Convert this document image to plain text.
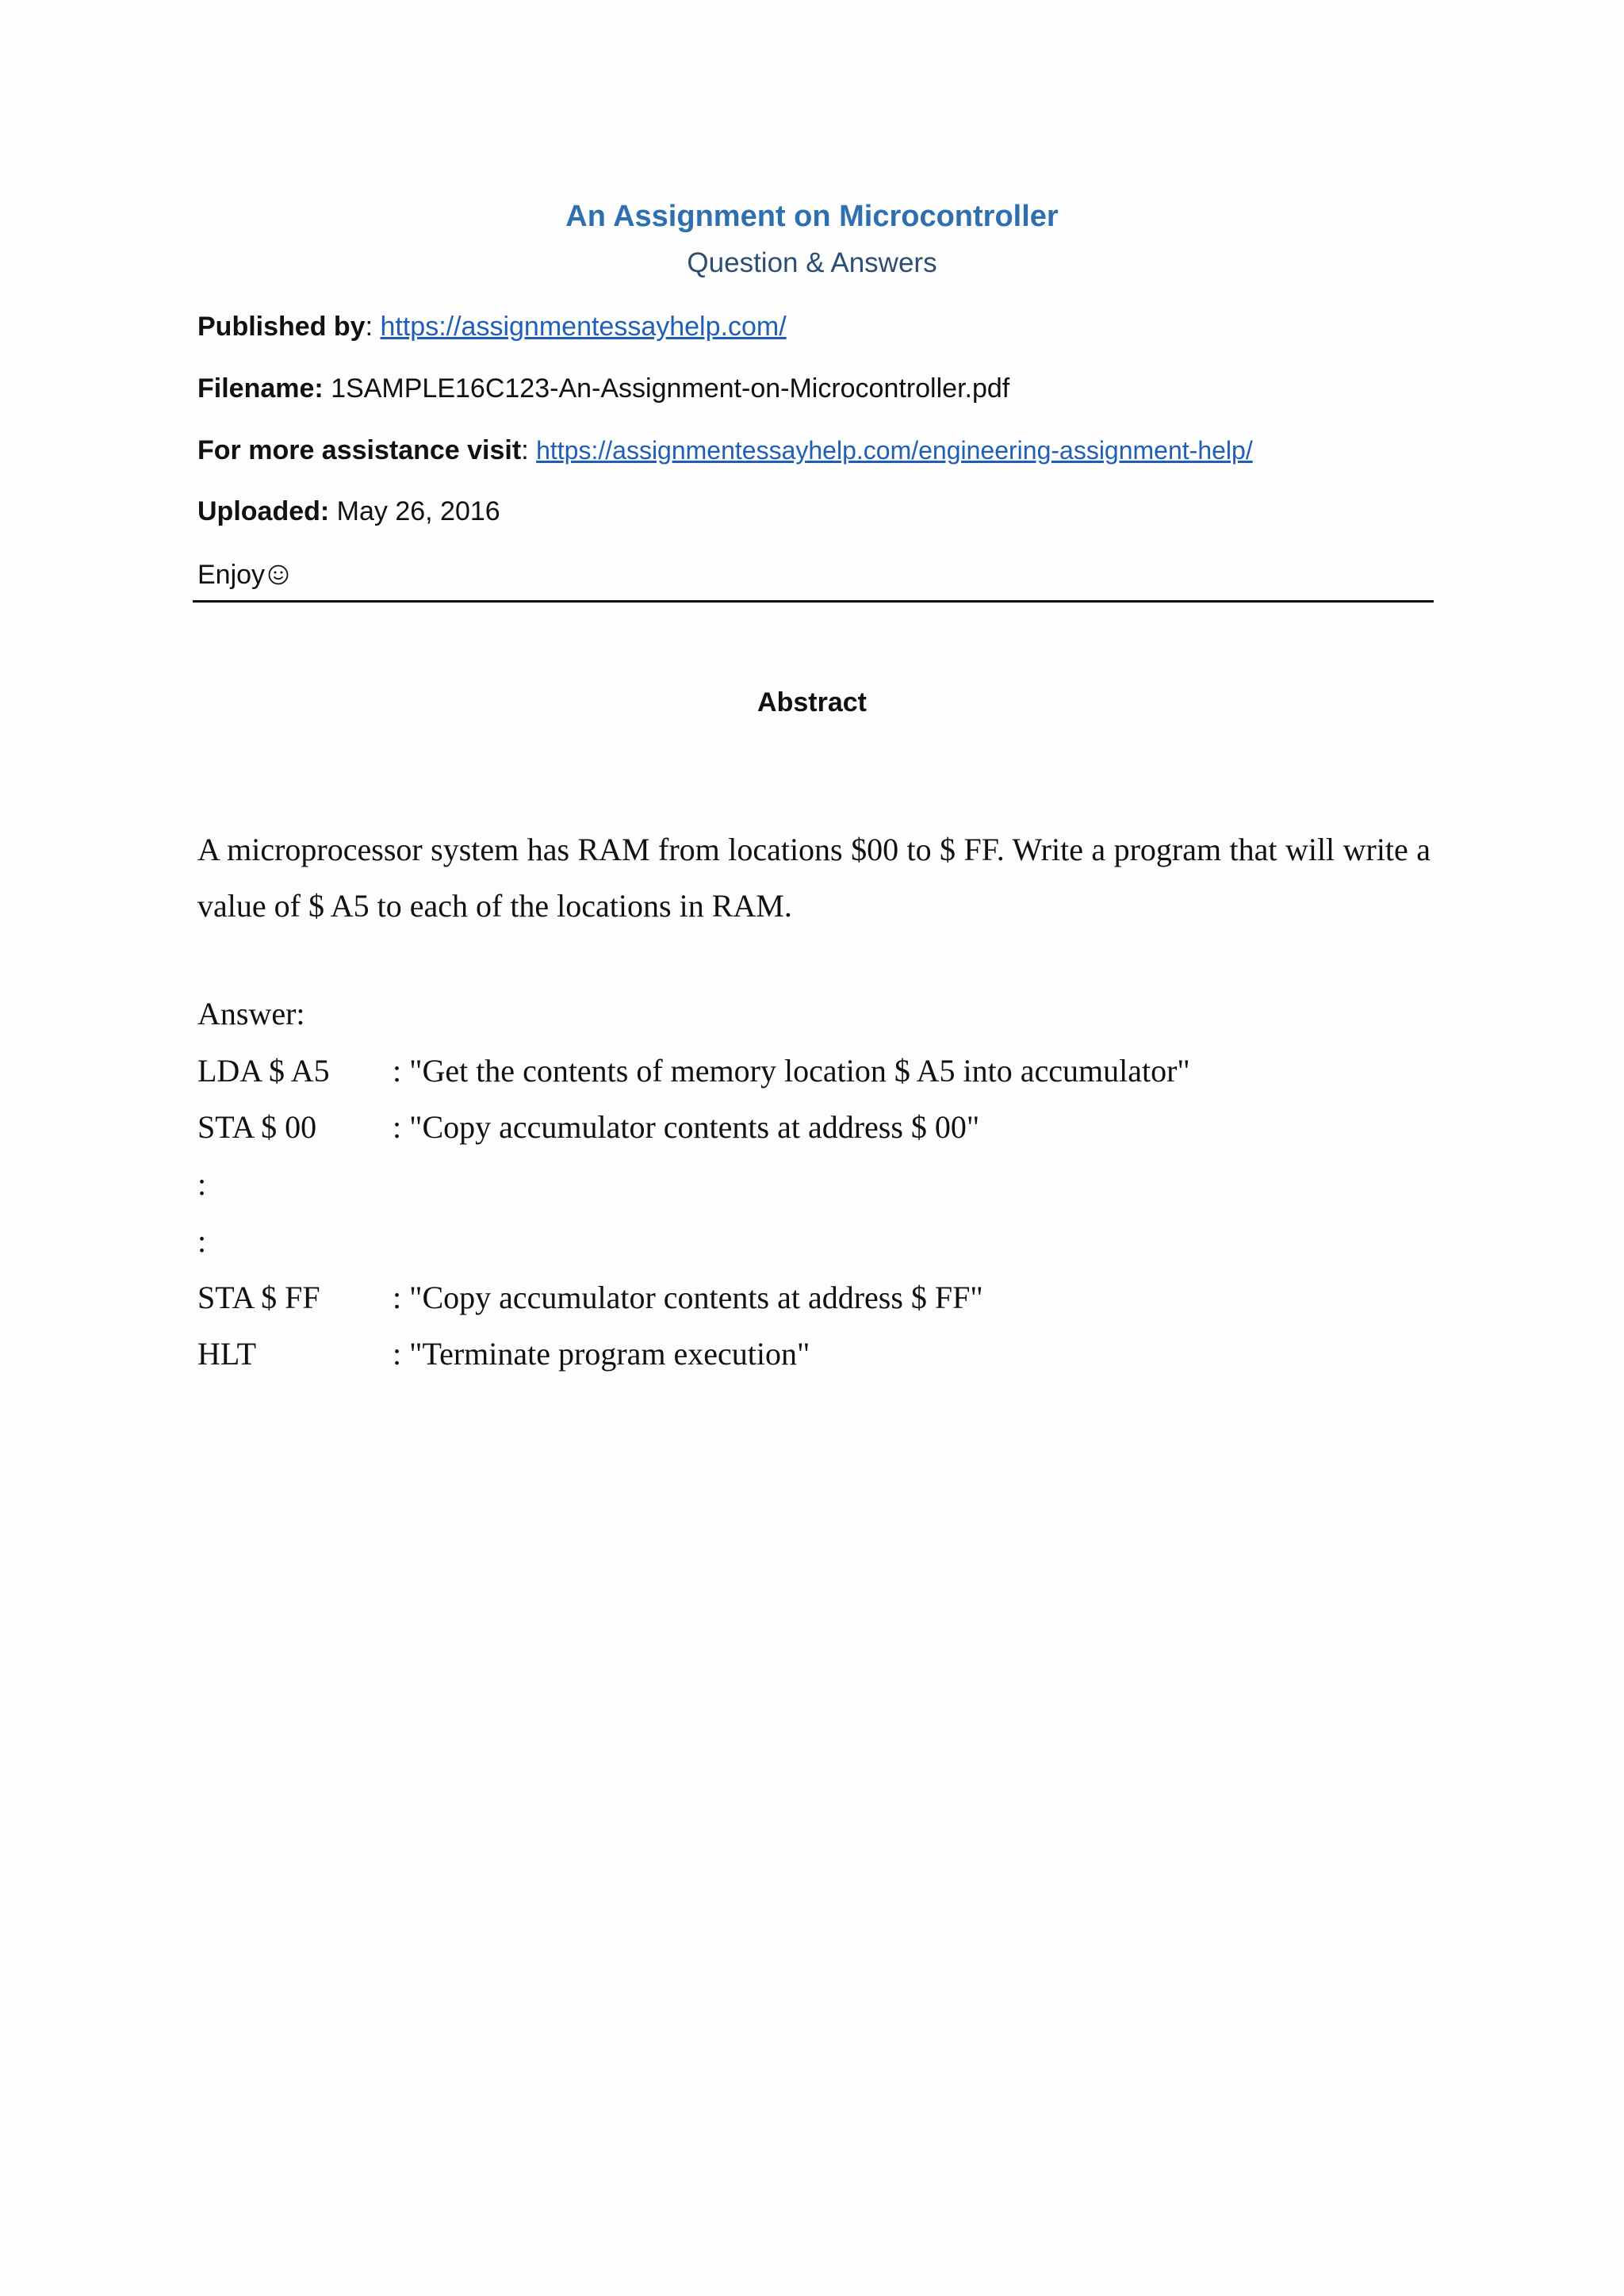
An Assignment on Microcontroller
Question & Answers
Published by: https://assignmentessayhelp.com/
Filename: 1SAMPLE16C123-An-Assignment-on-Microcontroller.pdf
For more assistance visit: https://assignmentessayhelp.com/engineering-assignment-help/
Uploaded: May 26, 2016
Enjoy
Abstract
A microprocessor system has RAM from locations $00 to $ FF. Write a program that will write a value of $ A5 to each of the locations in RAM.
Answer:
LDA $ A5 : "Get the contents of memory location $ A5 into accumulator"
STA $ 00 : "Copy accumulator contents at address $ 00"
:
:
STA $ FF : "Copy accumulator contents at address $ FF"
HLT	: "Terminate program execution"
